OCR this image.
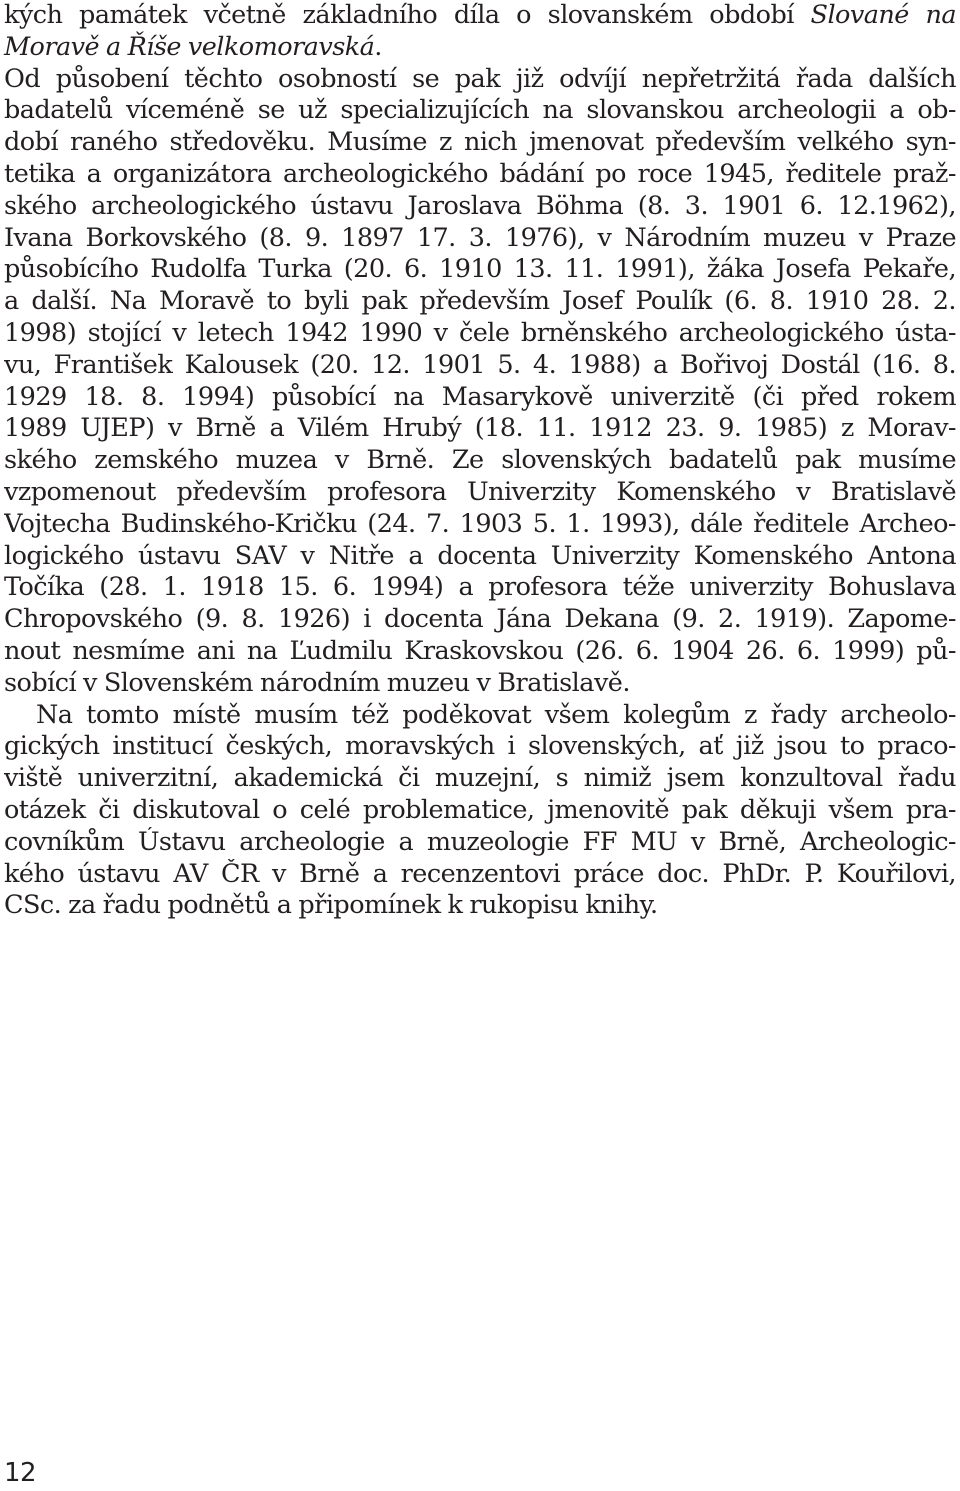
kých památek včetně základního díla o slovanském období Slované na
Moravě a Říše velkomoravská.
Od působení těchto osobností se pak již odvíjí nepřetržitá řada dalších
badatelů víceméně se už specializujících na slovanskou archeologii a ob-
dobí raného středověku. Musíme z nich jmenovat především velkého syn-
tetika a organizátora archeologického bádání po roce 1945, ředitele praž-
ského archeologického ústavu Jaroslava Böhma (8. 3. 1901 6. 12.1962),
Ivana Borkovského (8. 9. 1897 17. 3. 1976), v Národním muzeu v Praze
působícího Rudolfa Turka (20. 6. 1910 13. 11. 1991), žáka Josefa Pekaře,
a další. Na Moravě to byli pak především Josef Poulík (6. 8. 1910 28. 2.
1998) stojící v letech 1942 1990 v čele brněnského archeologického ústa-
vu, František Kalousek (20. 12. 1901 5. 4. 1988) a Bořivoj Dostál (16. 8.
1929 18. 8. 1994) působící na Masarykově univerzitě (či před rokem
1989 UJEP) v Brně a Vilém Hrubý (18. 11. 1912 23. 9. 1985) z Morav-
ského zemského muzea v Brně. Ze slovenských badatelů pak musíme
vzpomenout především profesora Univerzity Komenského v Bratislavě
Vojtecha Budinského-Kričku (24. 7. 1903 5. 1. 1993), dále ředitele Archeo-
logického ústavu SAV v Nitře a docenta Univerzity Komenského Antona
Točíka (28. 1. 1918 15. 6. 1994) a profesora téže univerzity Bohuslava
Chropovského (9. 8. 1926) i docenta Jána Dekana (9. 2. 1919). Zapome-
nout nesmíme ani na Ľudmilu Kraskovskou (26. 6. 1904 26. 6. 1999) pů-
sobící v Slovenském národním muzeu v Bratislavě.
Na tomto místě musím též poděkovat všem kolegům z řady archeolo-
gických institucí českých, moravských i slovenských, ať již jsou to praco-
viště univerzitní, akademická či muzejní, s nimiž jsem konzultoval řadu
otázek či diskutoval o celé problematice, jmenovitě pak děkuji všem pra-
covníkům Ústavu archeologie a muzeologie FF MU v Brně, Archeologic-
kého ústavu AV ČR v Brně a recenzentovi práce doc. PhDr. P. Kouřilovi,
CSc. za řadu podnětů a připomínek k rukopisu knihy.
12
